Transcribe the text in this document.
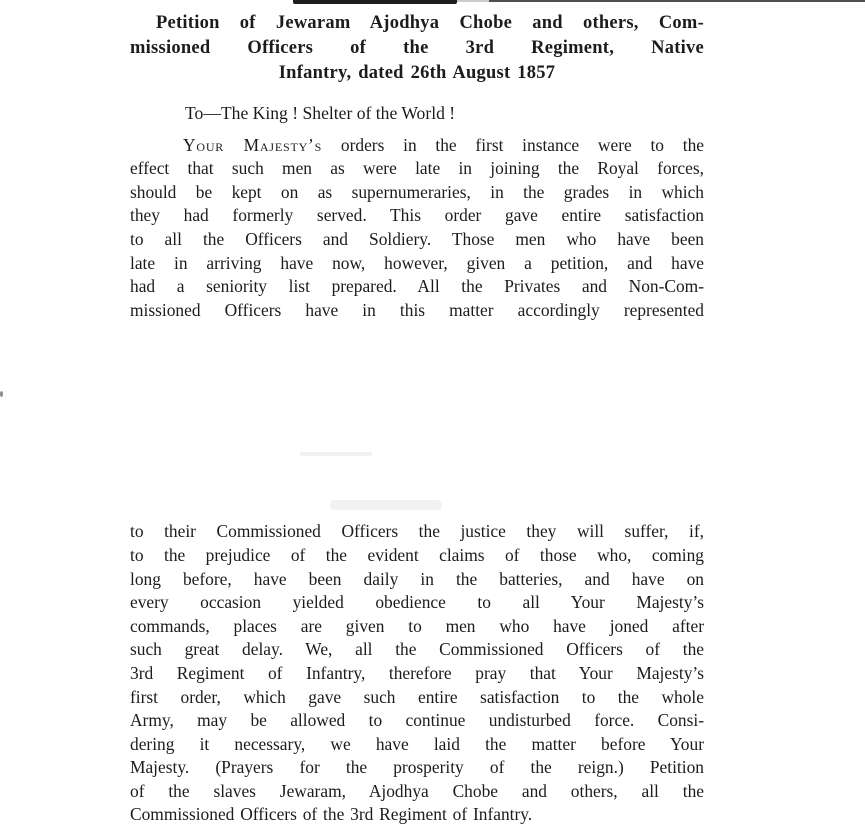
Petition of Jewaram Ajodhya Chobe and others, Com-
missioned Officers of the 3rd Regiment, Native
Infantry, dated 26th August 1857

To—The King ! Shelter of the World !

Your Majesty’s orders in the first instance were to the
effect that such men as were late in joining the Royal forces,
should be kept on as supernumeraries, in the grades in which
they had formerly served. This order gave entire satisfaction
to all the Officers and Soldiery. Those men who have been
late in arriving have now, however, given a petition, and have
had a seniority list prepared. All the Privates and Non-Com-
missioned Officers have in this matter accordingly represented
to their Commissioned Officers the justice they will suffer, if,
to the prejudice of the evident claims of those who, coming
long before, have been daily in the batteries, and have on
every occasion yielded obedience to all Your Majesty’s
commands, places are given to men who have joned after
such great delay. We, all the Commissioned Officers of the
3rd Regiment of Infantry, therefore pray that Your Majesty’s
first order, which gave such entire satisfaction to the whole
Army, may be allowed to continue undisturbed force. Consi-
dering it necessary, we have laid the matter before Your
Majesty. (Prayers for the prosperity of the reign.) Petition
of the slaves Jewaram, Ajodhya Chobe and others, all the
Commissioned Officers of the 3rd Regiment of Infantry.
